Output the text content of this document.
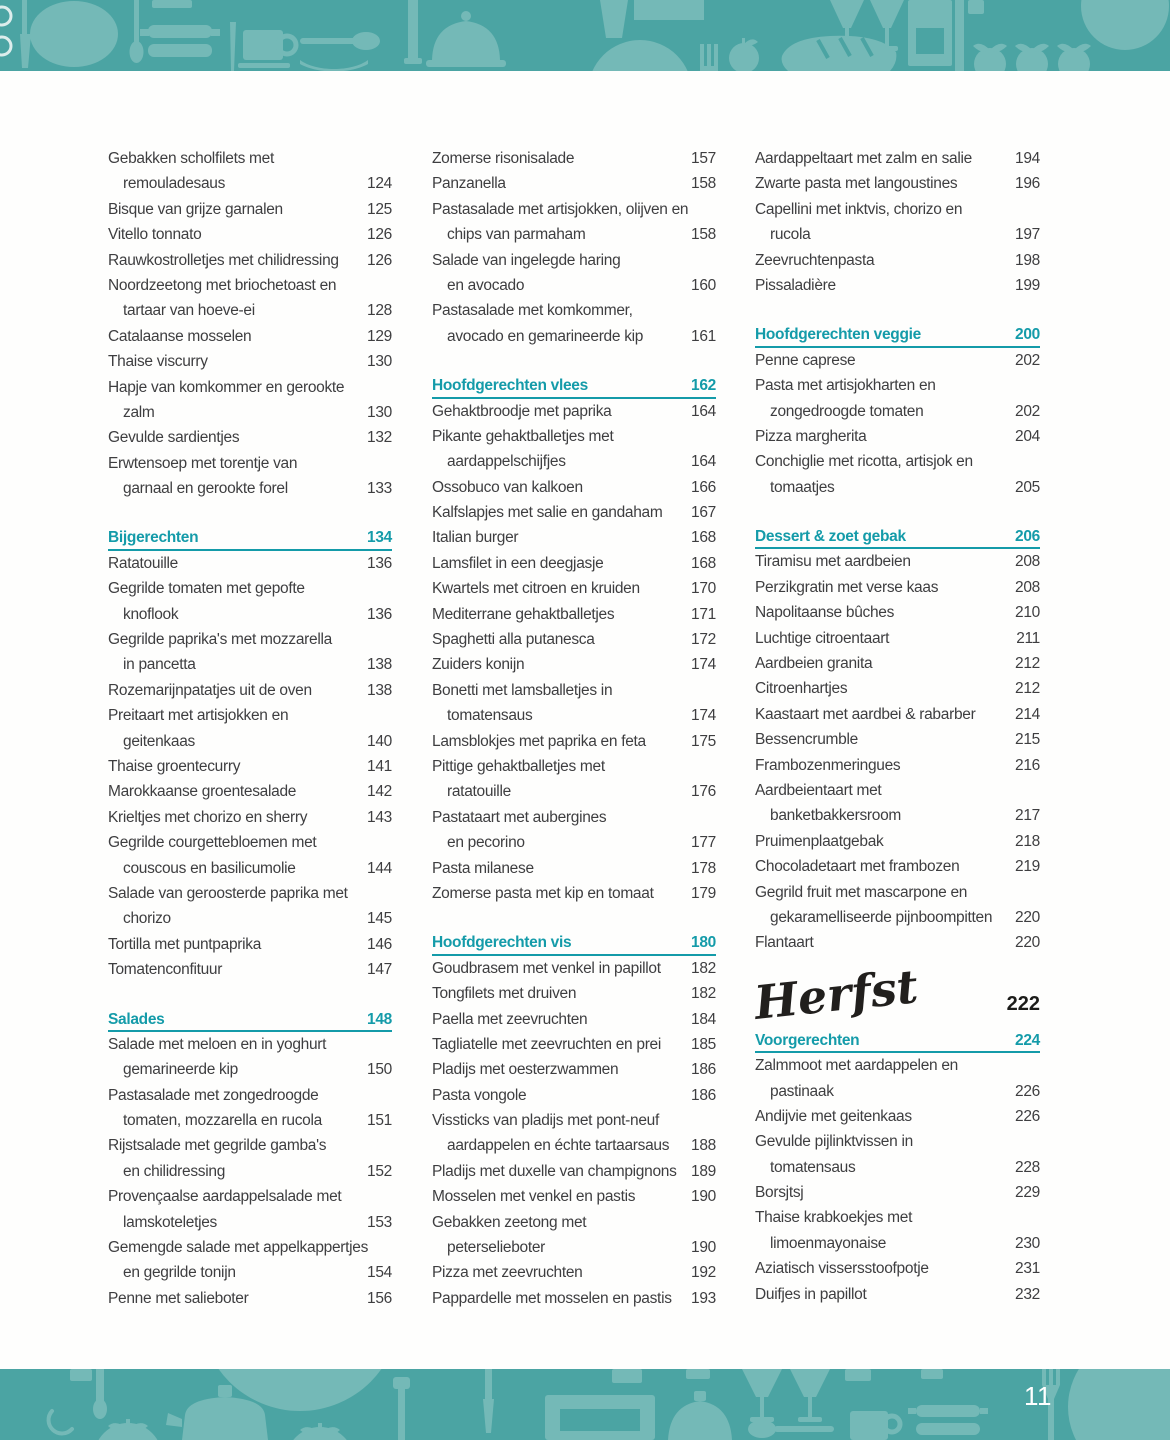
Gebakken scholfilets met
remouladesaus	124
Bisque van grijze garnalen	125
Vitello tonnato	126
Rauwkostrolletjes met chilidressing 126
Noordzeetong met briochetoast en
tartaar van hoeve-ei	128
Catalaanse mosselen	129
Thaise viscurry	130
Hapje van komkommer en gerookte
zalm	130
Gevulde sardientjes	132
Erwtensoep met torentje van
garnaal en gerookte forel	133
Bijgerechten	134
Ratatouille	136
Gegrilde tomaten met gepofte
knoflook	136
Gegrilde paprika's met mozzarella
in pancetta	138
Rozemarijnpatatjes uit de oven	138
Preitaart met artisjokken en
geitenkaas	140
Thaise groentecurry	141
Marokkaanse groentesalade	142
Krieltjes met chorizo en sherry	143
Gegrilde courgettebloemen met
couscous en basilicumolie	144
Salade van geroosterde paprika met
chorizo	145
Tortilla met puntpaprika	146
Tomatenconfituur	147
Salades	148
Salade met meloen en in yoghurt
gemarineerde kip	150
Pastasalade met zongedroogde
tomaten, mozzarella en rucola	151
Rijstsalade met gegrilde gamba's
en chilidressing	152
Provençaalse aardappelsalade met
lamskoteletjes	153
Gemengde salade met appelkappertjes
en gegrilde tonijn	154
Penne met salieboter	156
Zomerse risonisalade	157
Panzanella	158
Pastasalade met artisjokken, olijven en
chips van parmaham	158
Salade van ingelegde haring
en avocado	160
Pastasalade met komkommer,
avocado en gemarineerde kip	161
Hoofdgerechten vlees	162
Gehaktbroodje met paprika	164
Pikante gehaktballetjes met
aardappelschijfjes	164
Ossobuco van kalkoen	166
Kalfslapjes met salie en gandaham 167
Italian burger	168
Lamsfilet in een deegjasje	168
Kwartels met citroen en kruiden	170
Mediterrane gehaktballetjes	171
Spaghetti alla putanesca	172
Zuiders konijn	174
Bonetti met lamsballetjes in
tomatensaus	174
Lamsblokjes met paprika en feta	175
Pittige gehaktballetjes met
ratatouille	176
Pastataart met aubergines
en pecorino	177
Pasta milanese	178
Zomerse pasta met kip en tomaat 179
Hoofdgerechten vis	180
Goudbrasem met venkel in papillot 182
Tongfilets met druiven	182
Paella met zeevruchten	184
Tagliatelle met zeevruchten en prei 185
Pladijs met oesterzwammen	186
Pasta vongole	186
Vissticks van pladijs met pont-neuf
aardappelen en échte tartaarsaus 188
Pladijs met duxelle van champignons 189
Mosselen met venkel en pastis	190
Gebakken zeetong met
peterselieboter	190
Pizza met zeevruchten	192
Pappardelle met mosselen en pastis 193
Aardappeltaart met zalm en salie	194
Zwarte pasta met langoustines	196
Capellini met inktvis, chorizo en
rucola	197
Zeevruchtenpasta	198
Pissaladière	199
Hoofdgerechten veggie	200
Penne caprese	202
Pasta met artisjokharten en
zongedroogde tomaten	202
Pizza margherita	204
Conchiglie met ricotta, artisjok en
tomaatjes	205
Dessert & zoet gebak	206
Tiramisu met aardbeien	208
Perzikgratin met verse kaas	208
Napolitaanse bûches	210
Luchtige citroentaart	211
Aardbeien granita	212
Citroenhartjes	212
Kaastaart met aardbei & rabarber	214
Bessencrumble	215
Frambozenmeringues	216
Aardbeientaart met
banketbakkersroom	217
Pruimenplaatgebak	218
Chocoladetaart met frambozen	219
Gegrild fruit met mascarpone en
gekaramelliseerde pijnboompitten 220
Flantaart	220
Herfst	222
Voorgerechten	224
Zalmmoot met aardappelen en
pastinaak	226
Andijvie met geitenkaas	226
Gevulde pijlinktvissen in
tomatensaus	228
Borsjtsj	229
Thaise krabkoekjes met
limoenmayonaise	230
Aziatisch vissersstoofpotje	231
Duifjes in papillot	232
11
